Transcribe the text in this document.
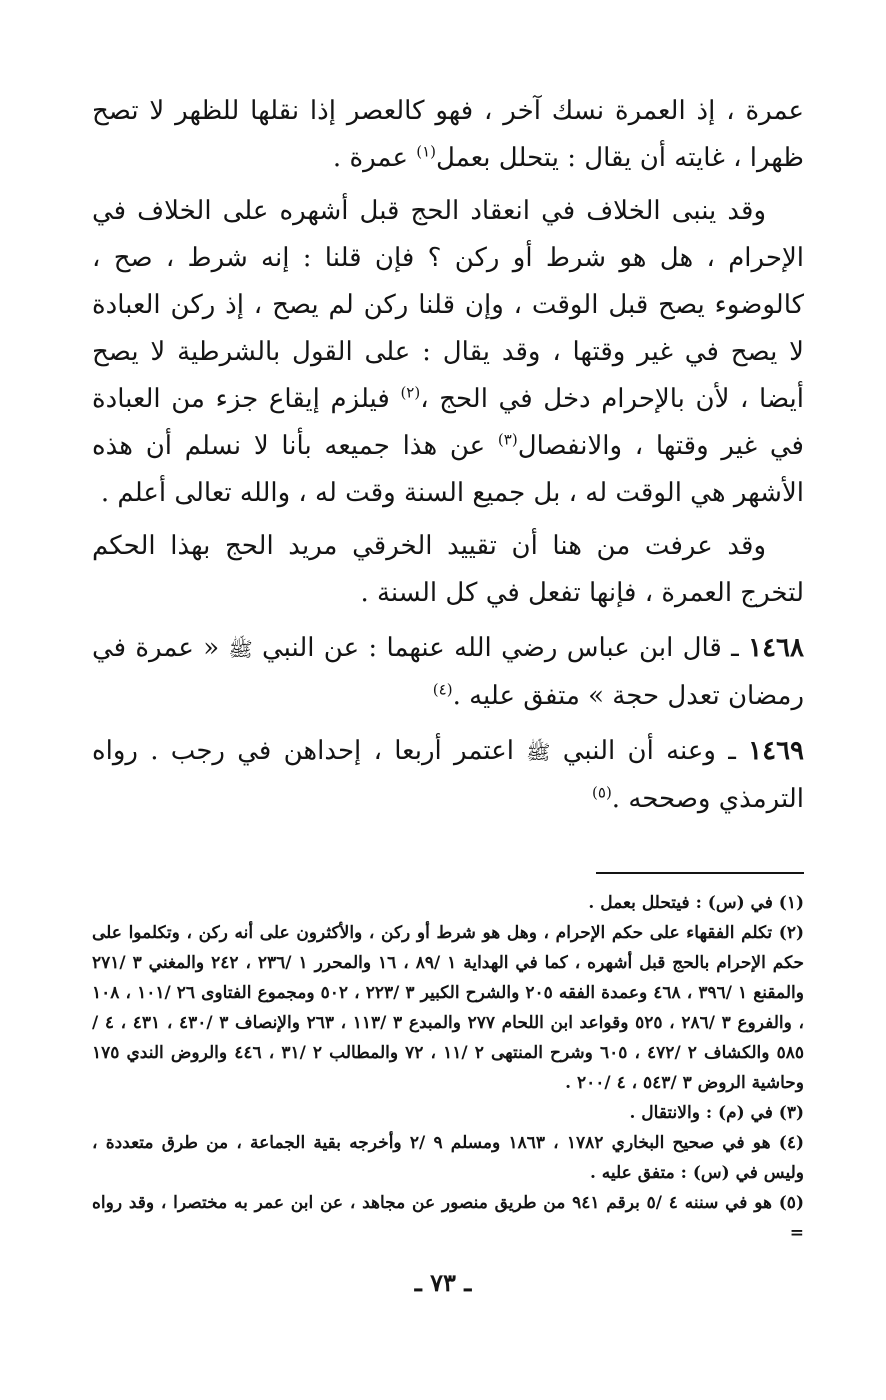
عمرة ، إذ العمرة نسك آخر ، فهو كالعصر إذا نقلها للظهر لا تصح ظهرا ، غايته أن يقال : يتحلل بعمل$^{(١)}$ عمرة .

وقد ينبى الخلاف في انعقاد الحج قبل أشهره على الخلاف في الإحرام ، هل هو شرط أو ركن ؟ فإن قلنا : إنه شرط ، صح ، كالوضوء يصح قبل الوقت ، وإن قلنا ركن لم يصح ، إذ ركن العبادة لا يصح في غير وقتها ، وقد يقال : على القول بالشرطية لا يصح أيضا ، لأن بالإحرام دخل في الحج ،$^{(٢)}$ فيلزم إيقاع جزء من العبادة في غير وقتها ، والانفصال$^{(٣)}$ عن هذا جميعه بأنا لا نسلم أن هذه الأشهر هي الوقت له ، بل جميع السنة وقت له ، والله تعالى أعلم .

وقد عرفت من هنا أن تقييد الخرقي مريد الحج بهذا الحكم لتخرج العمرة ، فإنها تفعل في كل السنة .

١٤٦٨ ـ قال ابن عباس رضي الله عنهما : عن النبي ﷺ « عمرة في رمضان تعدل حجة » متفق عليه .$^{(٤)}$

١٤٦٩ ـ وعنه أن النبي ﷺ اعتمر أربعا ، إحداهن في رجب . رواه الترمذي وصححه .$^{(٥)}$

(١) في (س) : فيتحلل بعمل .

(٢) تكلم الفقهاء على حكم الإحرام ، وهل هو شرط أو ركن ، والأكثرون على أنه ركن ، وتكلموا على حكم الإحرام بالحج قبل أشهره ، كما في الهداية ١ /٨٩ ، ١٦ والمحرر ١ /٢٣٦ ، ٢٤٢ والمغني ٣ /٢٧١ والمقنع ١ /٣٩٦ ، ٤٦٨ وعمدة الفقه ٢٠٥ والشرح الكبير ٣ /٢٢٣ ، ٥٠٢ ومجموع الفتاوى ٢٦ /١٠١ ، ١٠٨ ، والفروع ٣ /٢٨٦ ، ٥٢٥ وقواعد ابن اللحام ٢٧٧ والمبدع ٣ /١١٣ ، ٢٦٣ والإنصاف ٣ /٤٣٠ ، ٤٣١ ، ٤ /٥٨٥ والكشاف ٢ /٤٧٢ ، ٦٠٥ وشرح المنتهى ٢ /١١ ، ٧٢ والمطالب ٢ /٣١ ، ٤٤٦ والروض الندي ١٧٥ وحاشية الروض ٣ /٥٤٣ ، ٤ /٢٠٠ .

(٣) في (م) : والانتقال .

(٤) هو في صحيح البخاري ١٧٨٢ ، ١٨٦٣ ومسلم ٩ /٢ وأخرجه بقية الجماعة ، من طرق متعددة ، وليس في (س) : متفق عليه .

(٥) هو في سننه ٤ /٥ برقم ٩٤١ من طريق منصور عن مجاهد ، عن ابن عمر به مختصرا ، وقد رواه =

ـ ٧٣ ـ
